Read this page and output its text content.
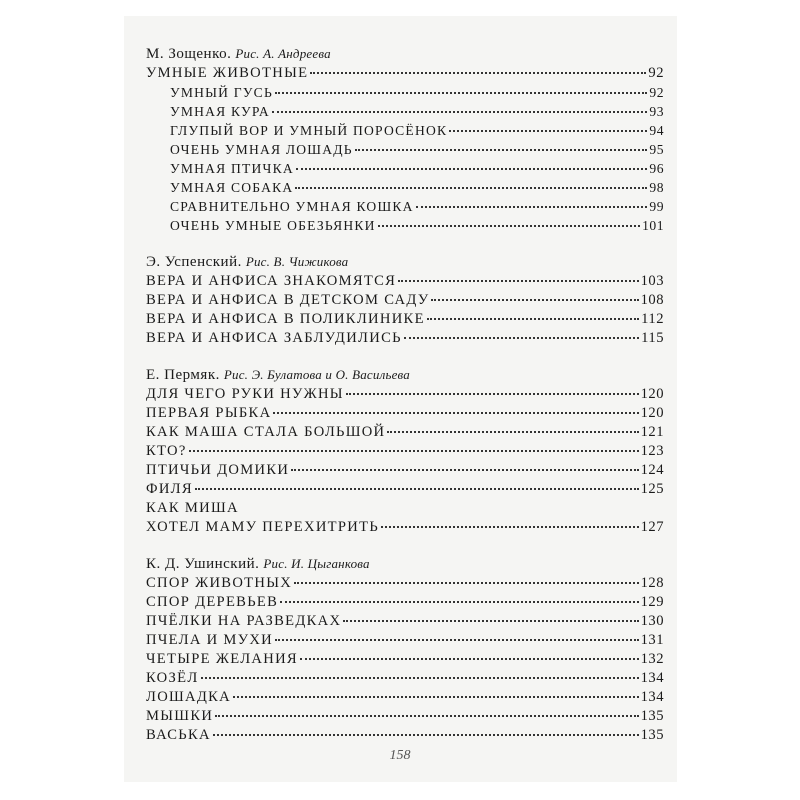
М. Зощенко. Рис. А. Андреева
УМНЫЕ ЖИВОТНЫЕ	92
УМНЫЙ ГУСЬ	92
УМНАЯ КУРА	93
ГЛУПЫЙ ВОР И УМНЫЙ ПОРОСЁНОК	94
ОЧЕНЬ УМНАЯ ЛОШАДЬ	95
УМНАЯ ПТИЧКА	96
УМНАЯ СОБАКА	98
СРАВНИТЕЛЬНО УМНАЯ КОШКА	99
ОЧЕНЬ УМНЫЕ ОБЕЗЬЯНКИ	101
Э. Успенский. Рис. В. Чижикова
ВЕРА И АНФИСА ЗНАКОМЯТСЯ	103
ВЕРА И АНФИСА В ДЕТСКОМ САДУ	108
ВЕРА И АНФИСА В ПОЛИКЛИНИКЕ	112
ВЕРА И АНФИСА ЗАБЛУДИЛИСЬ	115
Е. Пермяк. Рис. Э. Булатова и О. Васильева
ДЛЯ ЧЕГО РУКИ НУЖНЫ	120
ПЕРВАЯ РЫБКА	120
КАК МАША СТАЛА БОЛЬШОЙ	121
КТО?	123
ПТИЧЬИ ДОМИКИ	124
ФИЛЯ	125
КАК МИША
ХОТЕЛ МАМУ ПЕРЕХИТРИТЬ	127
К. Д. Ушинский. Рис. И. Цыганкова
СПОР ЖИВОТНЫХ	128
СПОР ДЕРЕВЬЕВ	129
ПЧЁЛКИ НА РАЗВЕДКАХ	130
ПЧЕЛА И МУХИ	131
ЧЕТЫРЕ ЖЕЛАНИЯ	132
КОЗЁЛ	134
ЛОШАДКА	134
МЫШКИ	135
ВАСЬКА	135
158
